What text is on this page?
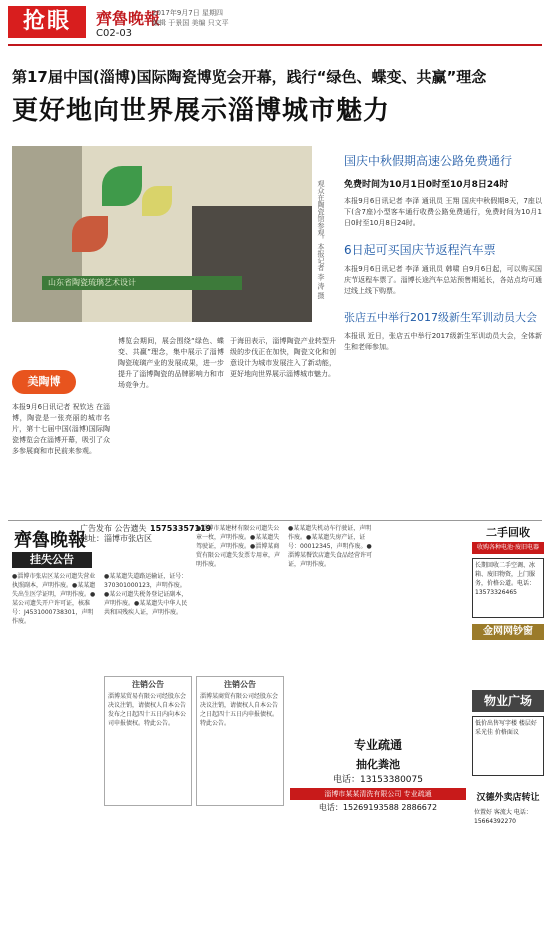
抢眼	齊魯晚報
2017年9月7日 星期四
编辑 于景国 美编 只文平
C02-03
第17届中国(淄博)国际陶瓷博览会开幕，践行“绿色、蝶变、共赢”理念
更好地向世界展示淄博城市魅力
山东省陶瓷琉璃艺术设计	观众在陶瓷馆参观。本报记者 李 涛 摄
国庆中秋假期高速公路免费通行
免费时间为10月1日0时至10月8日24时
本报9月6日讯记者 李泽 通讯员 王翔 国庆中秋假期8天，7座以下(含7座)小型客车通行收费公路免费通行，免费时间为10月1日0时至10月8日24时。
6日起可买国庆节返程汽车票
本报9月6日讯记者 李泽 通讯员 韩啸 自9月6日起，可以购买国庆节返程车票了。淄博长途汽车总站预售期延长，各站点均可通过线上线下购票。
张店五中举行2017级新生军训动员大会
本报讯 近日，张店五中举行2017级新生军训动员大会，全体新生和老师参加。
美陶博
本报9月6日讯记者 祝钦达 在淄博，陶瓷是一张亮丽的城市名片，第十七届中国(淄博)国际陶瓷博览会在淄博开幕，吸引了众多参展商和市民前来参观。
博览会期间，展会围绕“绿色、蝶变、共赢”理念，集中展示了淄博陶瓷琉璃产业的发展成果，进一步提升了淄博陶瓷的品牌影响力和市场竞争力。
于海田表示，淄博陶瓷产业转型升级的步伐正在加快，陶瓷文化和创意设计为城市发展注入了新动能，更好地向世界展示淄博城市魅力。
齊魯晚報
广告发布 公告遗失
地址：淄博市张店区
15753357119
挂失公告
●淄博市张店区某公司遗失营业执照副本，声明作废。●某某遗失出生医学证明，声明作废。●某公司遗失开户许可证，核准号：J4531000738301，声明作废。
●某某遗失道路运输证，证号：370301000123，声明作废。●某公司遗失税务登记证副本，声明作废。●某某遗失中华人民共和国残疾人证，声明作废。
●淄博市某建材有限公司遗失公章一枚，声明作废。●某某遗失驾驶证，声明作废。●淄博某商贸有限公司遗失发票专用章，声明作废。
●某某遗失机动车行驶证，声明作废。●某某遗失房产证，证号：00012345，声明作废。●淄博某餐饮店遗失食品经营许可证，声明作废。
注销公告
淄博某贸易有限公司经股东会决议注销，请债权人自本公告发布之日起四十五日内向本公司申报债权。特此公告。
注销公告
淄博某商贸有限公司经股东会决议注销，请债权人自本公告之日起四十五日内申报债权。特此公告。
专业疏通
抽化粪池
电话：13153380075
淄博市某某清洗有限公司 专业疏通
电话：15269193588 2886672
二手回收
收购各种电池·废旧电器
长期回收二手空调、冰箱、废旧物资，上门服务，价格公道。电话：13573326465
金网网钞窗
物业广场
低价出售写字楼 楼层好 采光佳 价格面议
汉德外卖店转让
位置好 客流大 电话：15664392270
